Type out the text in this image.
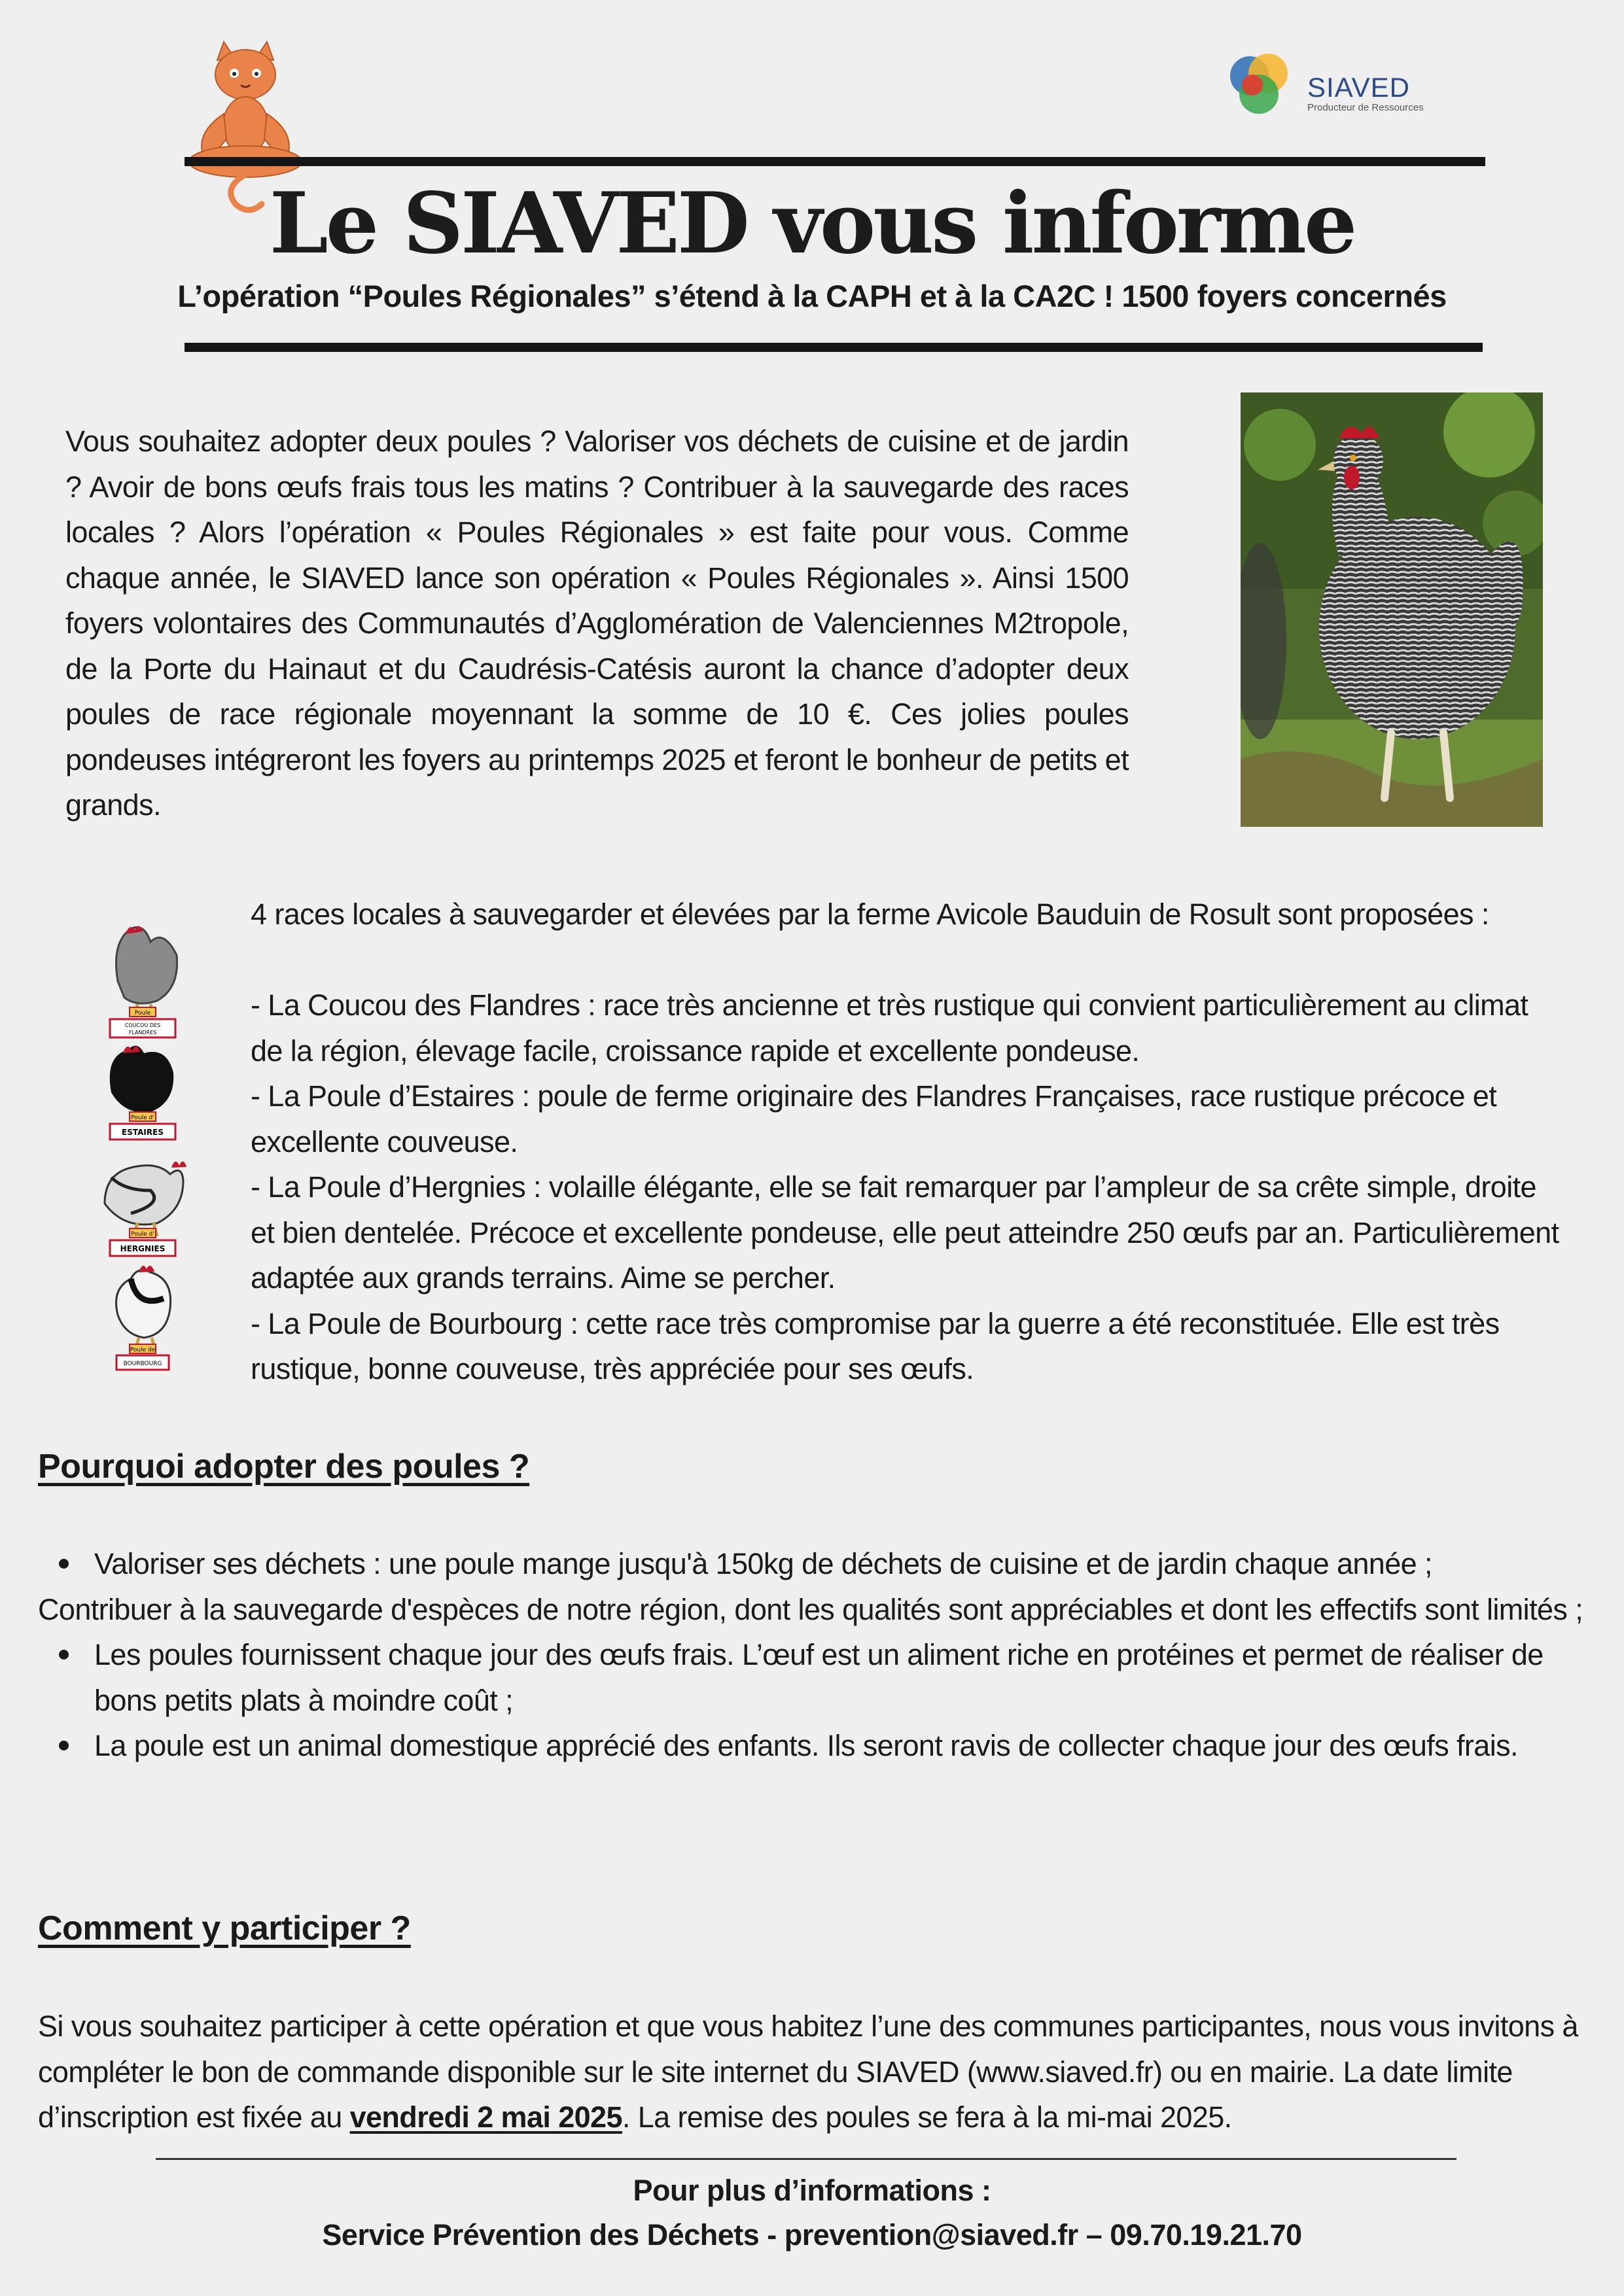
SIAVED
Producteur de Ressources
Le SIAVED vous informe
L’opération “Poules Régionales” s’étend à la CAPH et à la CA2C ! 1500 foyers concernés
Vous souhaitez adopter deux poules ? Valoriser vos déchets de cuisine et de jardin ? Avoir de bons œufs frais tous les matins ? Contribuer à la sauvegarde des races locales ? Alors l’opération « Poules Régionales » est faite pour vous. Comme chaque année, le SIAVED lance son opération « Poules Régionales ». Ainsi 1500 foyers volontaires des Communautés d’Agglomération de Valenciennes M2tropole, de la Porte du Hainaut et du Caudrésis-Catésis auront la chance d’adopter deux poules de race régionale moyennant la somme de 10 €. Ces jolies poules pondeuses intégreront les foyers au printemps 2025 et feront le bonheur de petits et grands.
Poule
COUCOU DES
FLANDRES
Poule d'
ESTAIRES
Poule d'
HERGNIES
Poule de
BOURBOURG

4 races locales à sauvegarder et élevées par la ferme Avicole Bauduin de Rosult sont proposées :

- La Coucou des Flandres : race très ancienne et très rustique qui convient particulièrement au climat de la région, élevage facile, croissance rapide et excellente pondeuse.

- La Poule d’Estaires : poule de ferme originaire des Flandres Françaises, race rustique précoce et excellente couveuse.

- La Poule d’Hergnies : volaille élégante, elle se fait remarquer par l’ampleur de sa crête simple, droite et bien dentelée. Précoce et excellente pondeuse, elle peut atteindre 250 œufs par an. Particulièrement adaptée aux grands terrains. Aime se percher.

- La Poule de Bourbourg : cette race très compromise par la guerre a été reconstituée. Elle est très rustique, bonne couveuse, très appréciée pour ses œufs.

Pourquoi adopter des poules ?
Valoriser ses déchets : une poule mange jusqu'à 150kg de déchets de cuisine et de jardin chaque année ;
Contribuer à la sauvegarde d'espèces de notre région, dont les qualités sont appréciables et dont les effectifs sont limités ;
Les poules fournissent chaque jour des œufs frais. L’œuf est un aliment riche en protéines et permet de réaliser de bons petits plats à moindre coût ;
La poule est un animal domestique apprécié des enfants. Ils seront ravis de collecter chaque jour des œufs frais.
Comment y participer ?
Si vous souhaitez participer à cette opération et que vous habitez l’une des communes participantes, nous vous invitons à compléter le bon de commande disponible sur le site internet du SIAVED (www.siaved.fr) ou en mairie. La date limite d’inscription est fixée au vendredi 2 mai 2025. La remise des poules se fera à la mi-mai 2025.
Pour plus d’informations :
Service Prévention des Déchets - prevention@siaved.fr – 09.70.19.21.70
